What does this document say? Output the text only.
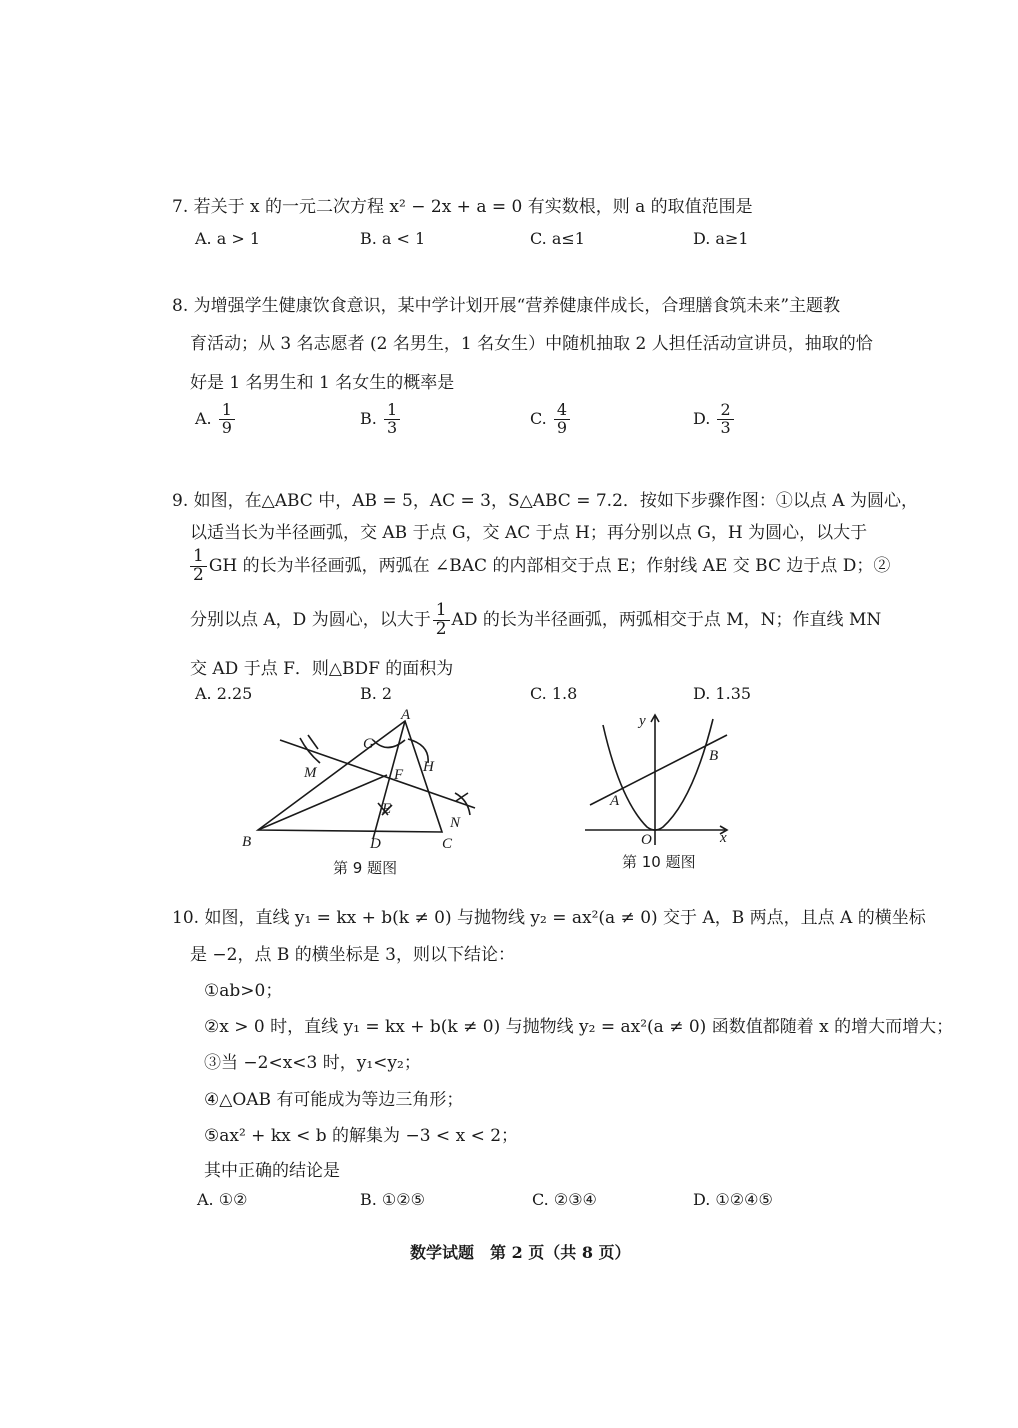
7. 若关于 x 的一元二次方程 x² − 2x + a = 0 有实数根，则 a 的取值范围是
A. a > 1	B. a < 1	C. a≤1	D. a≥1
8. 为增强学生健康饮食意识，某中学计划开展“营养健康伴成长，合理膳食筑未来”主题教
育活动；从 3 名志愿者 (2 名男生，1 名女生）中随机抽取 2 人担任活动宣讲员，抽取的恰
好是 1 名男生和 1 名女生的概率是
A. $\frac{1}{9}$	B. $\frac{1}{3}$	C. $\frac{4}{9}$	D. $\frac{2}{3}$
9. 如图，在△ABC 中，AB = 5，AC = 3，S△ABC = 7.2．按如下步骤作图：①以点 A 为圆心，
以适当长为半径画弧，交 AB 于点 G，交 AC 于点 H；再分别以点 G，H 为圆心，以大于
$\frac{1}{2}$ GH 的长为半径画弧，两弧在 ∠BAC 的内部相交于点 E；作射线 AE 交 BC 边于点 D；②
分别以点 A，D 为圆心，以大于 $\frac{1}{2}$ AD 的长为半径画弧，两弧相交于点 M，N；作直线 MN
交 AD 于点 F．则△BDF 的面积为
A. 2.25	B. 2	C. 1.8	D. 1.35
A
B	C
D
E
F
G
H
M
N
第 9 题图
y
x
O
A
B
第 10 题图
10. 如图，直线 y₁ = kx + b(k ≠ 0) 与抛物线 y₂ = ax²(a ≠ 0) 交于 A，B 两点，且点 A 的横坐标
是 −2，点 B 的横坐标是 3，则以下结论：
①ab>0；
②x > 0 时，直线 y₁ = kx + b(k ≠ 0) 与抛物线 y₂ = ax²(a ≠ 0) 函数值都随着 x 的增大而增大；
③当 −2<x<3 时，y₁<y₂；
④△OAB 有可能成为等边三角形；
⑤ax² + kx < b 的解集为 −3 < x < 2；
其中正确的结论是
A. ①②	B. ①②⑤	C. ②③④	D. ①②④⑤
数学试题　第 2 页（共 8 页）
